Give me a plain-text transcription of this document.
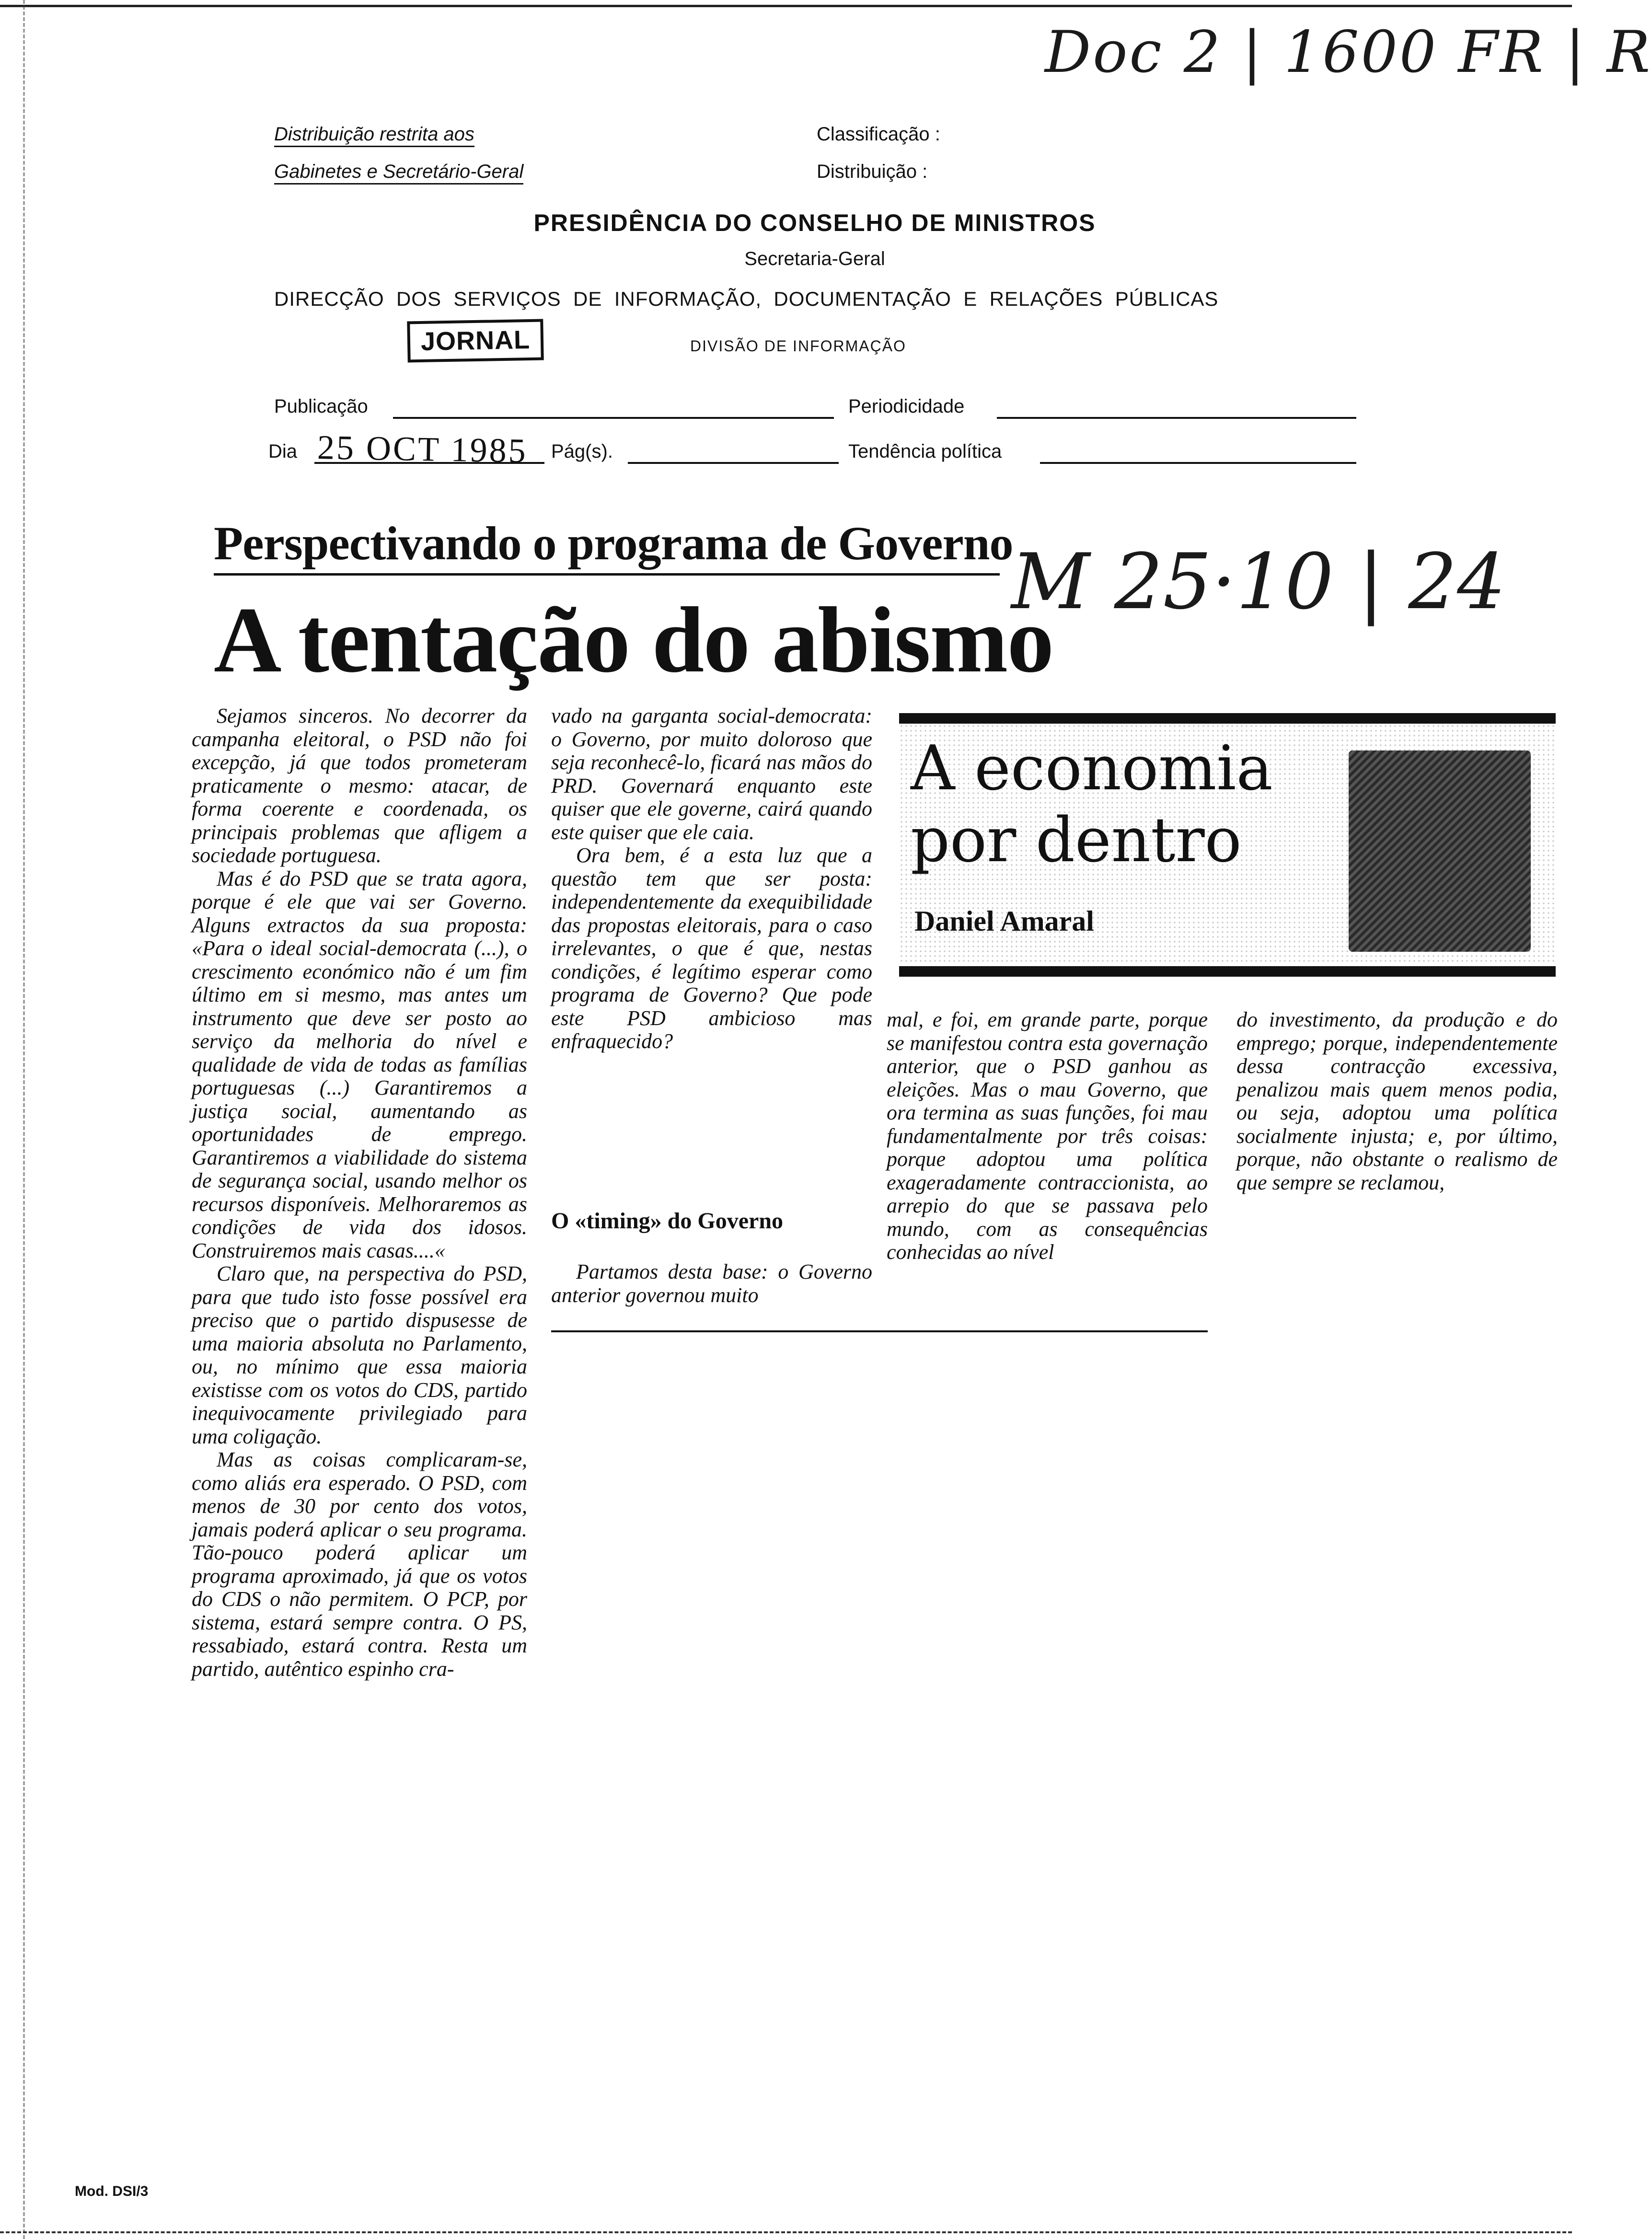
Doc 2 | 1600 FR | R
Distribuição restrita aos
Gabinetes e Secretário-Geral
Classificação :
Distribuição :
PRESIDÊNCIA DO CONSELHO DE MINISTROS
Secretaria-Geral
DIRECÇÃO  DOS  SERVIÇOS  DE  INFORMAÇÃO,  DOCUMENTAÇÃO  E  RELAÇÕES  PÚBLICAS
JORNAL	DIVISÃO DE INFORMAÇÃO
Publicação	Periodicidade
Dia 25 OCT 1985 Pág(s).	Tendência política
Perspectivando o programa de Governo
A tentação do abismo
M 25·10 | 24

Sejamos sinceros. No decorrer da campanha eleitoral, o PSD não foi excepção, já que todos prometeram praticamente o mesmo: atacar, de forma coerente e coordenada, os principais problemas que afligem a sociedade portuguesa.

Mas é do PSD que se trata agora, porque é ele que vai ser Governo. Alguns extractos da sua proposta: «Para o ideal social-democrata (...), o crescimento económico não é um fim último em si mesmo, mas antes um instrumento que deve ser posto ao serviço da melhoria do nível e qualidade de vida de todas as famílias portuguesas (...) Garantiremos a justiça social, aumentando as oportunidades de emprego. Garantiremos a viabilidade do sistema de segurança social, usando melhor os recursos disponíveis. Melhoraremos as condições de vida dos idosos. Construiremos mais casas....«

Claro que, na perspectiva do PSD, para que tudo isto fosse possível era preciso que o partido dispusesse de uma maioria absoluta no Parlamento, ou, no mínimo que essa maioria existisse com os votos do CDS, partido inequivocamente privilegiado para uma coligação.

Mas as coisas complicaram-se, como aliás era esperado. O PSD, com menos de 30 por cento dos votos, jamais poderá aplicar o seu programa. Tão-pouco poderá aplicar um programa aproximado, já que os votos do CDS o não permitem. O PCP, por sistema, estará sempre contra. O PS, ressabiado, estará contra. Resta um partido, autêntico espinho cra-

vado na garganta social-democrata: o Governo, por muito doloroso que seja reconhecê-lo, ficará nas mãos do PRD. Governará enquanto este quiser que ele governe, cairá quando este quiser que ele caia.

Ora bem, é a esta luz que a questão tem que ser posta: independentemente da exequibilidade das propostas eleitorais, para o caso irrelevantes, o que é que, nestas condições, é legítimo esperar como programa de Governo? Que pode este PSD ambicioso mas enfraquecido?

O «timing» do Governo

Partamos desta base: o Governo anterior governou muito

A economia
por dentro
Daniel Amaral

mal, e foi, em grande parte, porque se manifestou contra esta governação anterior, que o PSD ganhou as eleições. Mas o mau Governo, que ora termina as suas funções, foi mau fundamentalmente por três coisas: porque adoptou uma política exageradamente contraccionista, ao arrepio do que se passava pelo mundo, com as consequências conhecidas ao nível

do investimento, da produção e do emprego; porque, independentemente dessa contracção excessiva, penalizou mais quem menos podia, ou seja, adoptou uma política socialmente injusta; e, por último, porque, não obstante o realismo de que sempre se reclamou,

Mod. DSI/3
